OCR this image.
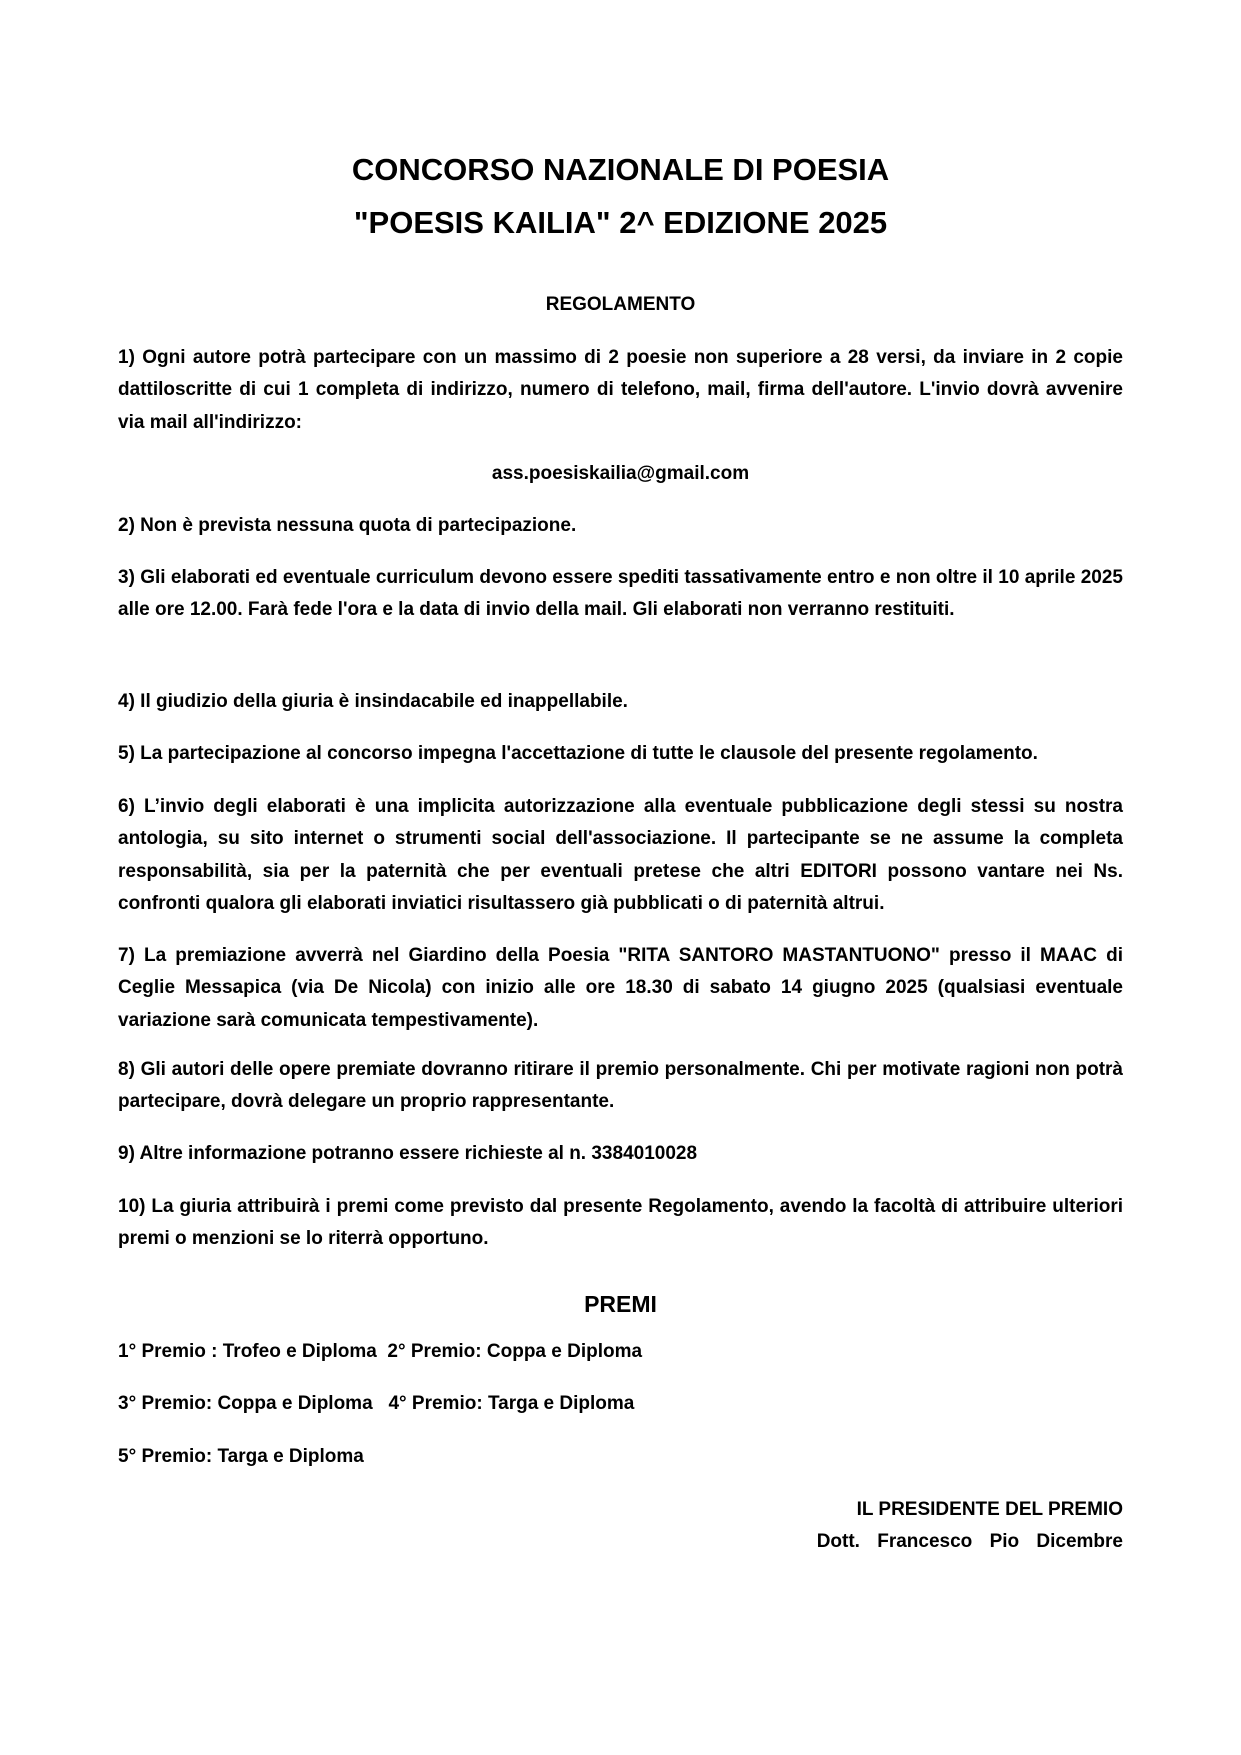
CONCORSO NAZIONALE DI POESIA
"POESIS KAILIA" 2^ EDIZIONE 2025
REGOLAMENTO
1) Ogni autore potrà partecipare con un massimo di 2 poesie non superiore a 28 versi, da inviare in 2 copie dattiloscritte di cui 1 completa di indirizzo, numero di telefono, mail, firma dell'autore. L'invio dovrà avvenire via mail all'indirizzo:
ass.poesiskailia@gmail.com
2) Non è prevista nessuna quota di partecipazione.
3) Gli elaborati ed eventuale curriculum devono essere spediti tassativamente entro e non oltre il 10 aprile 2025 alle ore 12.00. Farà fede l'ora e la data di invio della mail. Gli elaborati non verranno restituiti.
4) Il giudizio della giuria è insindacabile ed inappellabile.
5) La partecipazione al concorso impegna l'accettazione di tutte le clausole del presente regolamento.
6) L’invio degli elaborati è una implicita autorizzazione alla eventuale pubblicazione degli stessi su nostra antologia, su sito internet o strumenti social dell'associazione. Il partecipante se ne assume la completa responsabilità, sia per la paternità che per eventuali pretese che altri EDITORI possono vantare nei Ns. confronti qualora gli elaborati inviatici risultassero già pubblicati o di paternità altrui.
7) La premiazione avverrà nel Giardino della Poesia "RITA SANTORO MASTANTUONO" presso il MAAC di Ceglie Messapica (via De Nicola) con inizio alle ore 18.30 di sabato 14 giugno 2025 (qualsiasi eventuale variazione sarà comunicata tempestivamente).
8) Gli autori delle opere premiate dovranno ritirare il premio personalmente. Chi per motivate ragioni non potrà partecipare, dovrà delegare un proprio rappresentante.
9) Altre informazione potranno essere richieste al n. 3384010028
10) La giuria attribuirà i premi come previsto dal presente Regolamento, avendo la facoltà di attribuire ulteriori premi o menzioni se lo riterrà opportuno.
PREMI
1° Premio : Trofeo e Diploma  2° Premio: Coppa e Diploma
3° Premio: Coppa e Diploma   4° Premio: Targa e Diploma
5° Premio: Targa e Diploma
IL PRESIDENTE DEL PREMIO
Dott. Francesco Pio Dicembre
